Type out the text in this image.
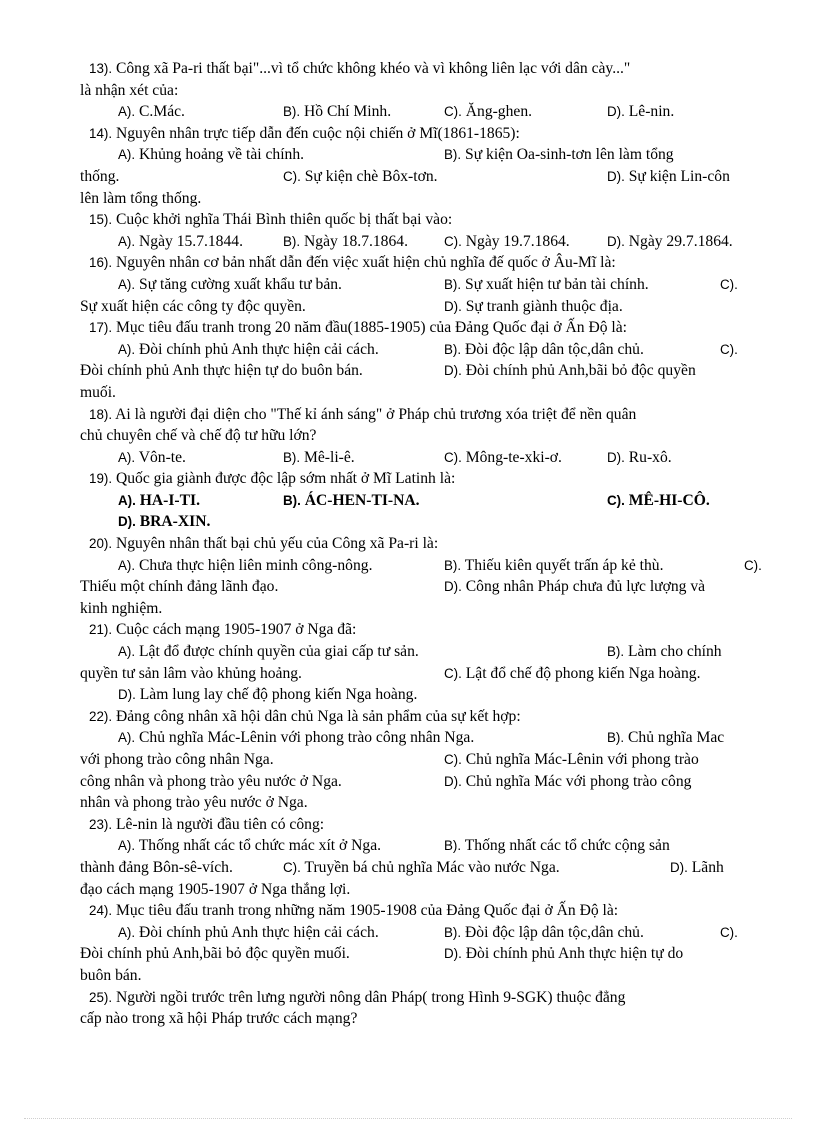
13). Công xã Pa-ri thất bại"...vì tổ chức không khéo và vì không liên lạc với dân cày..."
là nhận xét của:
A). C.Mác.	B). Hồ Chí Minh.	C). Ăng-ghen.	D). Lê-nin.
14). Nguyên nhân trực tiếp dẫn đến cuộc nội chiến ở Mĩ(1861-1865):
A). Khủng hoảng về tài chính.	B). Sự kiện Oa-sinh-tơn lên làm tổng
thống.	C). Sự kiện chè Bôx-tơn.	D). Sự kiện Lin-côn
lên làm tổng thống.
15). Cuộc khởi nghĩa Thái Bình thiên quốc bị thất bại vào:
A). Ngày 15.7.1844.	B). Ngày 18.7.1864.	C). Ngày 19.7.1864.	D). Ngày 29.7.1864.
16). Nguyên nhân cơ bản nhất dẫn đến việc xuất hiện chủ nghĩa đế quốc ở Âu-Mĩ là:
A). Sự tăng cường xuất khẩu tư bản.	B). Sự xuất hiện tư bản tài chính.	C).
Sự xuất hiện các công ty độc quyền.	D). Sự tranh giành thuộc địa.
17). Mục tiêu đấu tranh trong 20 năm đầu(1885-1905) của Đảng Quốc đại ở Ấn Độ là:
A). Đòi chính phủ Anh thực hiện cải cách.	B). Đòi độc lập dân tộc,dân chủ.	C).
Đòi chính phủ Anh thực hiện tự do buôn bán.	D). Đòi chính phủ Anh,bãi bỏ độc quyền
muối.
18). Ai là người đại diện cho "Thế kỉ ánh sáng" ở Pháp chủ trương xóa triệt để nền quân
chủ chuyên chế và chế độ tư hữu lớn?
A). Vôn-te.	B). Mê-li-ê.	C). Mông-te-xki-ơ.	D). Ru-xô.
19). Quốc gia giành được độc lập sớm nhất ở Mĩ Latinh là:
A). HA-I-TI.	B). ÁC-HEN-TI-NA.	C). MÊ-HI-CÔ.
D). BRA-XIN.
20). Nguyên nhân thất bại chủ yếu của Công xã Pa-ri là:
A). Chưa thực hiện liên minh công-nông.	B). Thiếu kiên quyết trấn áp kẻ thù.	C).
Thiếu một chính đảng lãnh đạo.	D). Công nhân Pháp chưa đủ lực lượng và
kinh nghiệm.
21). Cuộc cách mạng 1905-1907 ở Nga đã:
A). Lật đổ được chính quyền của giai cấp tư sản.	B). Làm cho chính
quyền tư sản lâm vào khủng hoảng.	C). Lật đổ chế độ phong kiến Nga hoàng.
D). Làm lung lay chế độ phong kiến Nga hoàng.
22). Đảng công nhân xã hội dân chủ Nga là sản phẩm của sự kết hợp:
A). Chủ nghĩa Mác-Lênin với phong trào công nhân Nga.	B). Chủ nghĩa Mac
với phong trào công nhân Nga.	C). Chủ nghĩa Mác-Lênin với phong trào
công nhân và phong trào yêu nước ở Nga.	D). Chủ nghĩa Mác với phong trào công
nhân và phong trào yêu nước ở Nga.
23). Lê-nin là người đầu tiên có công:
A). Thống nhất các tổ chức mác xít ở Nga.	B). Thống nhất các tổ chức cộng sản
thành đảng Bôn-sê-vích.	C). Truyền bá chủ nghĩa Mác vào nước Nga.	D). Lãnh
đạo cách mạng 1905-1907 ở Nga thắng lợi.
24). Mục tiêu đấu tranh trong những năm 1905-1908 của Đảng Quốc đại ở Ấn Độ là:
A). Đòi chính phủ Anh thực hiện cải cách.	B). Đòi độc lập dân tộc,dân chủ.	C).
Đòi chính phủ Anh,bãi bỏ độc quyền muối.	D). Đòi chính phủ Anh thực hiện tự do
buôn bán.
25). Người ngồi trước trên lưng người nông dân Pháp( trong Hình 9-SGK) thuộc đẳng
cấp nào trong xã hội Pháp trước cách mạng?
